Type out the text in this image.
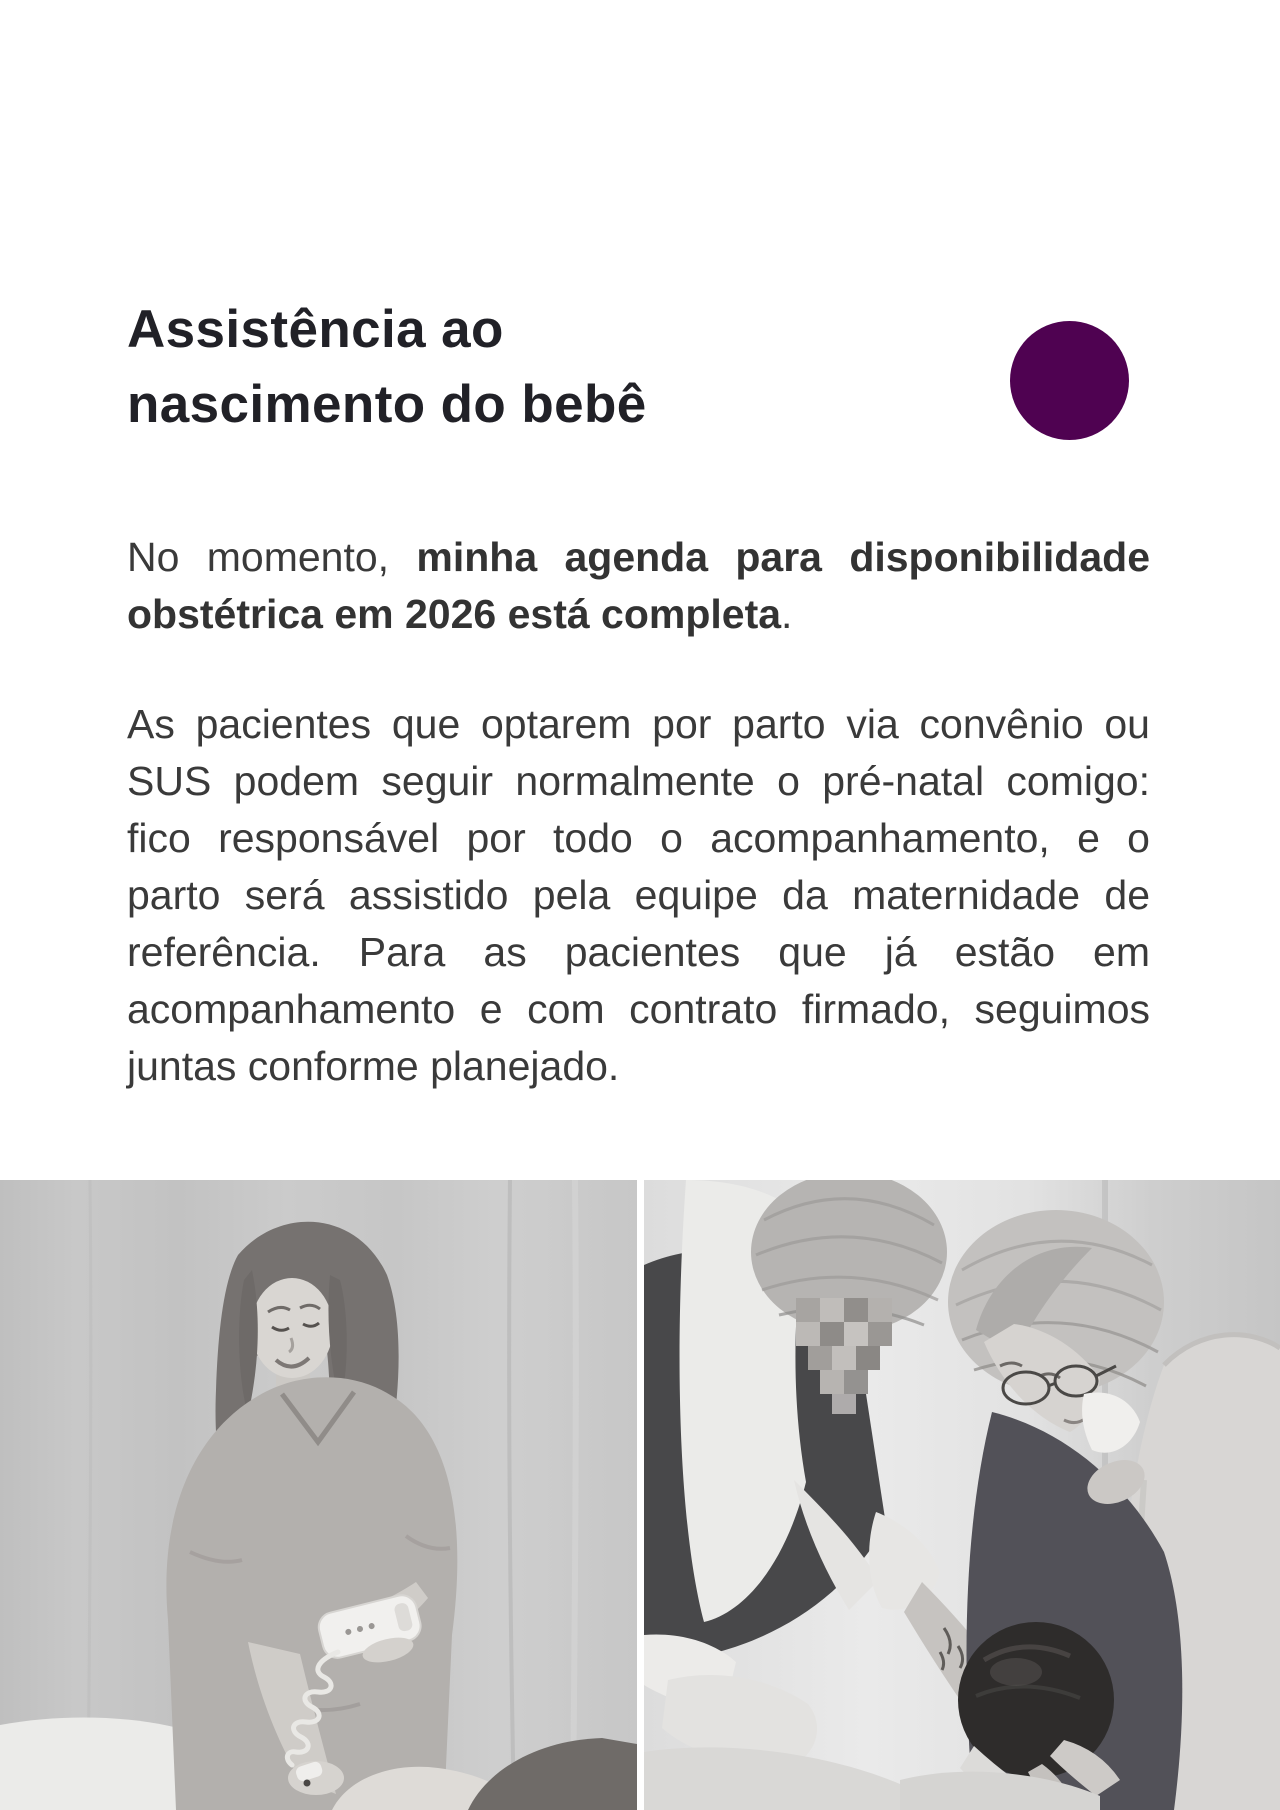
Assistência ao
nascimento do bebê

No momento, minha agenda para disponibilidade
obstétrica em 2026 está completa.

As pacientes que optarem por parto via convênio ou
SUS podem seguir normalmente o pré-natal comigo:
fico responsável por todo o acompanhamento, e o
parto será assistido pela equipe da maternidade de
referência. Para as pacientes que já estão em
acompanhamento e com contrato firmado, seguimos
juntas conforme planejado.
